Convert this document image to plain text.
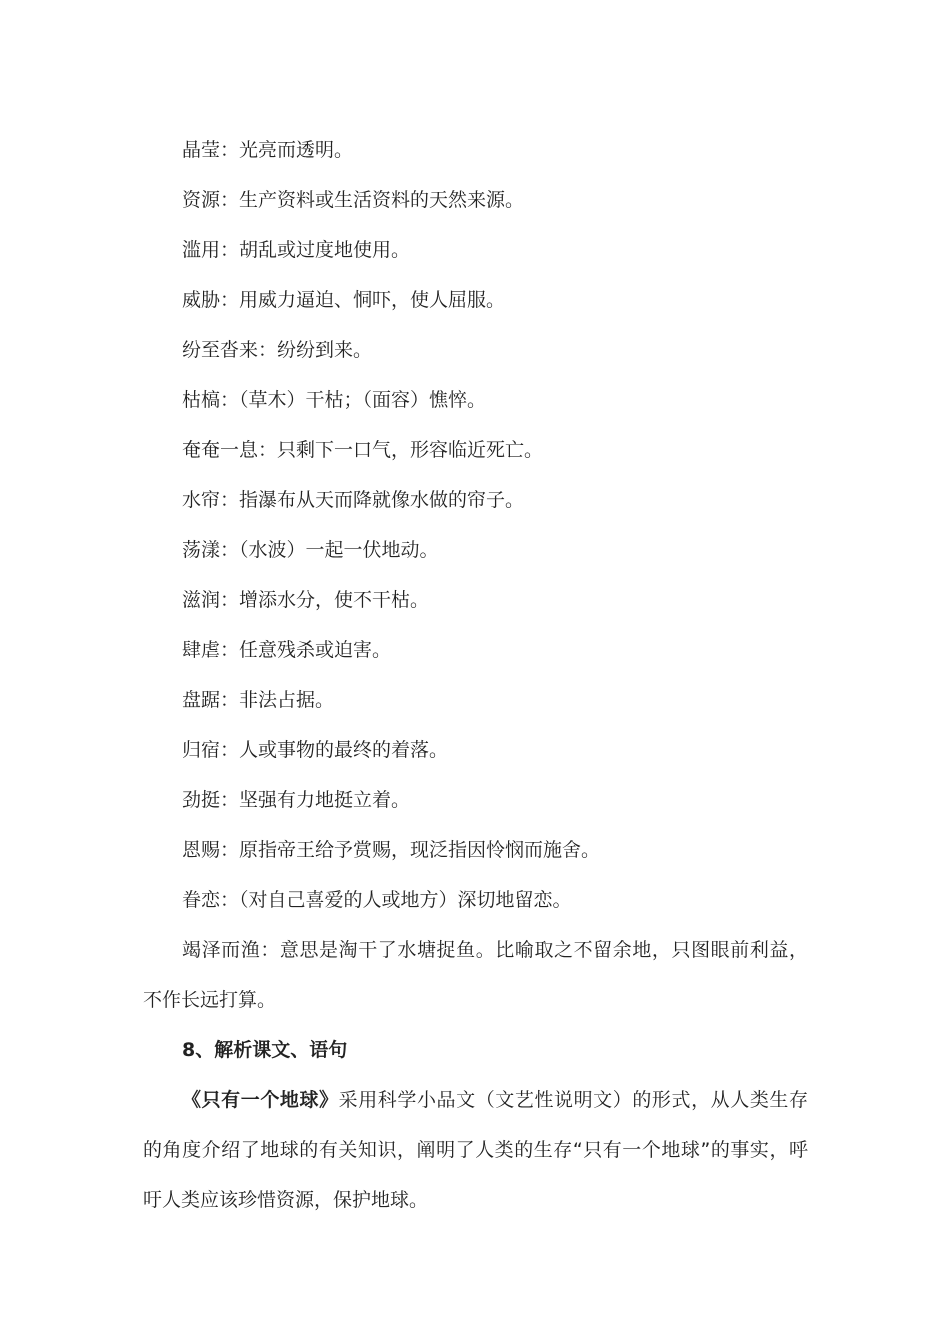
晶莹：光亮而透明。
资源：生产资料或生活资料的天然来源。
滥用：胡乱或过度地使用。
威胁：用威力逼迫、恫吓，使人屈服。
纷至沓来：纷纷到来。
枯槁：（草木）干枯；（面容）憔悴。
奄奄一息：只剩下一口气，形容临近死亡。
水帘：指瀑布从天而降就像水做的帘子。
荡漾：（水波）一起一伏地动。
滋润：增添水分，使不干枯。
肆虐：任意残杀或迫害。
盘踞：非法占据。
归宿：人或事物的最终的着落。
劲挺：坚强有力地挺立着。
恩赐：原指帝王给予赏赐，现泛指因怜悯而施舍。
眷恋：（对自己喜爱的人或地方）深切地留恋。
竭泽而渔：意思是淘干了水塘捉鱼。比喻取之不留余地，只图眼前利益，不作长远打算。
8、解析课文、语句
《只有一个地球》采用科学小品文（文艺性说明文）的形式，从人类生存的角度介绍了地球的有关知识，阐明了人类的生存“只有一个地球”的事实，呼吁人类应该珍惜资源，保护地球。
